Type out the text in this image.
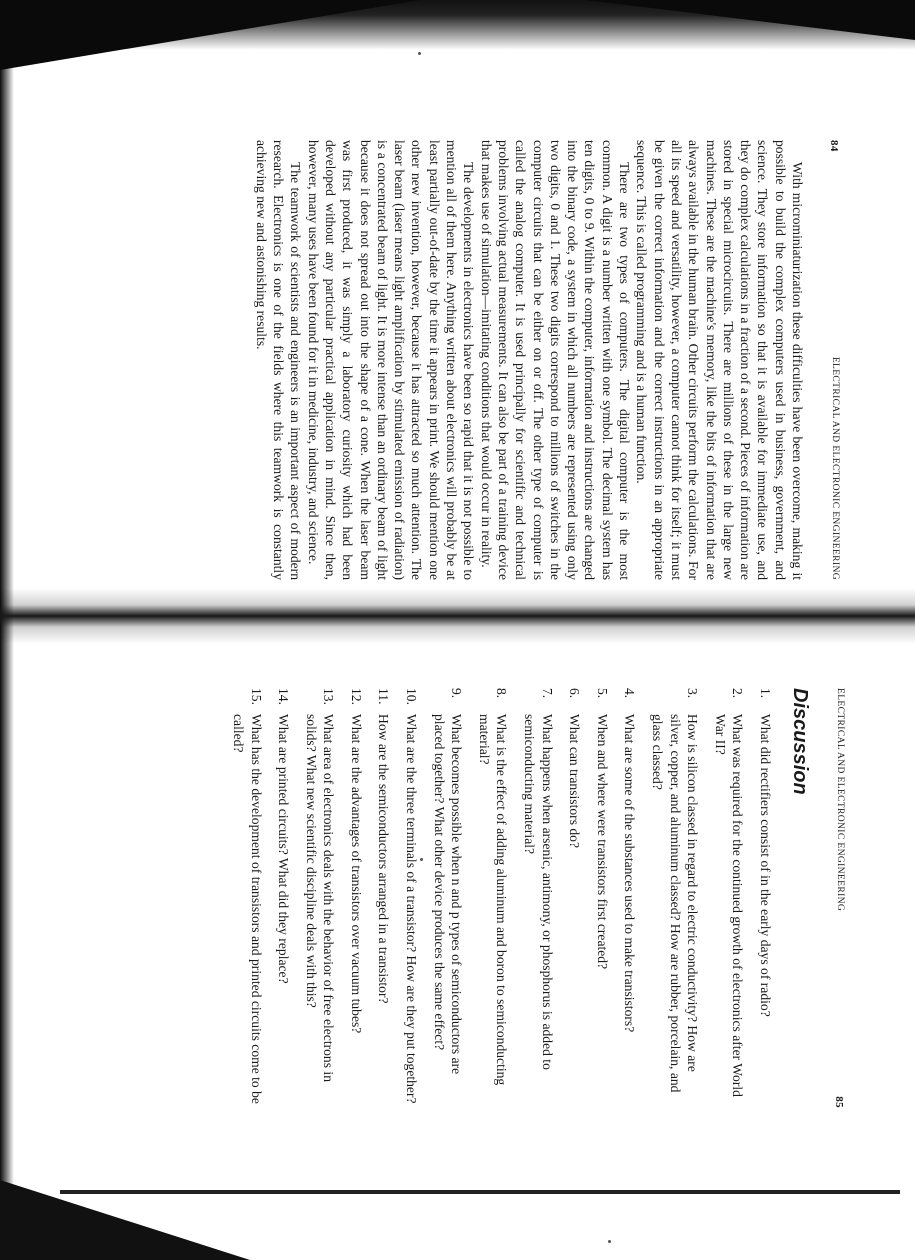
84
ELECTRICAL AND ELECTRONIC ENGINEERING

With microminiaturization these difficulties have been overcome, making it possible to build the complex computers used in business, government, and science. They store information so that it is available for immediate use, and they do complex calculations in a fraction of a second. Pieces of information are stored in special microcircuits. There are millions of these in the large new machines. These are the machine's memory, like the bits of information that are always available in the human brain. Other circuits perform the calculations. For all its speed and versatility, however, a computer cannot think for itself; it must be given the correct information and the correct instructions in an appropriate sequence. This is called programming and is a human function.

There are two types of computers. The digital computer is the most common. A digit is a number written with one symbol. The decimal system has ten digits, 0 to 9. Within the computer, information and instructions are changed into the binary code, a system in which all numbers are represented using only two digits, 0 and 1. These two digits correspond to millions of switches in the computer circuits that can be either on or off. The other type of computer is called the analog computer. It is used principally for scientific and technical problems involving actual measurements. It can also be part of a training device that makes use of simulation—imitating conditions that would occur in reality.

The developments in electronics have been so rapid that it is not possible to mention all of them here. Anything written about electronics will probably be at least partially out-of-date by the time it appears in print. We should mention one other new invention, however, because it has attracted so much attention. The laser beam (laser means light amplification by stimulated emission of radiation) is a concentrated beam of light. It is more intense than an ordinary beam of light because it does not spread out into the shape of a cone. When the laser beam was first produced, it was simply a laboratory curiosity which had been developed without any particular practical application in mind. Since then, however, many uses have been found for it in medicine, industry, and science.

The teamwork of scientists and engineers is an important aspect of modern research. Electronics is one of the fields where this teamwork is constantly achieving new and astonishing results.

ELECTRICAL AND ELECTRONIC ENGINEERING
85
Discussion
1.
What did rectifiers consist of in the early days of radio?
2.
What was required for the continued growth of electronics after World War II?
3.
How is silicon classed in regard to electric conductivity? How are silver, copper, and aluminum classed? How are rubber, porcelain, and glass classed?
4.
What are some of the substances used to make transistors?
5.
When and where were transistors first created?
6.
What can transistors do?
7.
What happens when arsenic, antimony, or phosphorus is added to semiconducting material?
8.
What is the effect of adding aluminum and boron to semiconducting material?
9.
What becomes possible when n and p types of semiconductors are placed together? What other device produces the same effect?
10.
What are the three terminals of a transistor? How are they put together?
11.
How are the semiconductors arranged in a transistor?
12.
What are the advantages of transistors over vacuum tubes?
13.
What area of electronics deals with the behavior of free electrons in solids? What new scientific discipline deals with this?
14.
What are printed circuits? What did they replace?
15.
What has the development of transistors and printed circuits come to be called?
